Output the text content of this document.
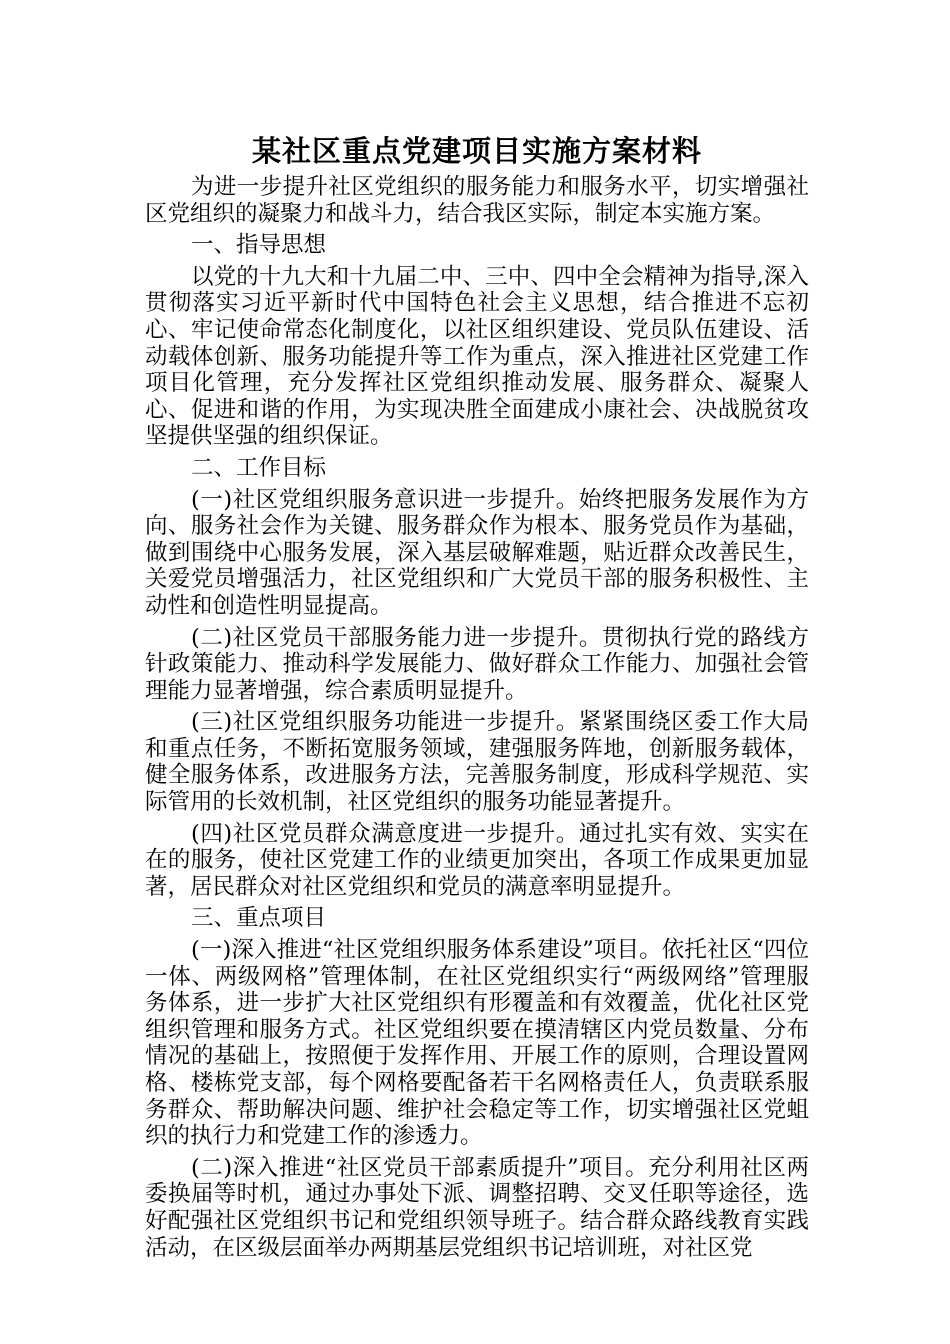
某社区重点党建项目实施方案材料

为进一步提升社区党组织的服务能力和服务水平，切实增强社区党组织的凝聚力和战斗力，结合我区实际，制定本实施方案。

一、指导思想

以党的十九大和十九届二中、三中、四中全会精神为指导,深入贯彻落实习近平新时代中国特色社会主义思想，结合推进不忘初心、牢记使命常态化制度化，以社区组织建设、党员队伍建设、活动载体创新、服务功能提升等工作为重点，深入推进社区党建工作项目化管理，充分发挥社区党组织推动发展、服务群众、凝聚人心、促进和谐的作用，为实现决胜全面建成小康社会、决战脱贫攻坚提供坚强的组织保证。

二、工作目标

(一)社区党组织服务意识进一步提升。始终把服务发展作为方向、服务社会作为关键、服务群众作为根本、服务党员作为基础，做到围绕中心服务发展，深入基层破解难题，贴近群众改善民生，关爱党员增强活力，社区党组织和广大党员干部的服务积极性、主动性和创造性明显提高。

(二)社区党员干部服务能力进一步提升。贯彻执行党的路线方针政策能力、推动科学发展能力、做好群众工作能力、加强社会管理能力显著增强，综合素质明显提升。

(三)社区党组织服务功能进一步提升。紧紧围绕区委工作大局和重点任务，不断拓宽服务领域，建强服务阵地，创新服务载体，健全服务体系，改进服务方法，完善服务制度，形成科学规范、实际管用的长效机制，社区党组织的服务功能显著提升。

(四)社区党员群众满意度进一步提升。通过扎实有效、实实在在的服务，使社区党建工作的业绩更加突出，各项工作成果更加显著，居民群众对社区党组织和党员的满意率明显提升。

三、重点项目

(一)深入推进“社区党组织服务体系建设”项目。依托社区“四位一体、两级网格”管理体制，在社区党组织实行“两级网络”管理服务体系，进一步扩大社区党组织有形覆盖和有效覆盖，优化社区党组织管理和服务方式。社区党组织要在摸清辖区内党员数量、分布情况的基础上，按照便于发挥作用、开展工作的原则，合理设置网格、楼栋党支部，每个网格要配备若干名网格责任人，负责联系服务群众、帮助解决问题、维护社会稳定等工作，切实增强社区党蛆织的执行力和党建工作的渗透力。

(二)深入推进“社区党员干部素质提升”项目。充分利用社区两委换届等时机，通过办事处下派、调整招聘、交叉任职等途径，选好配强社区党组织书记和党组织领导班子。结合群众路线教育实践活动，在区级层面举办两期基层党组织书记培训班，对社区党
